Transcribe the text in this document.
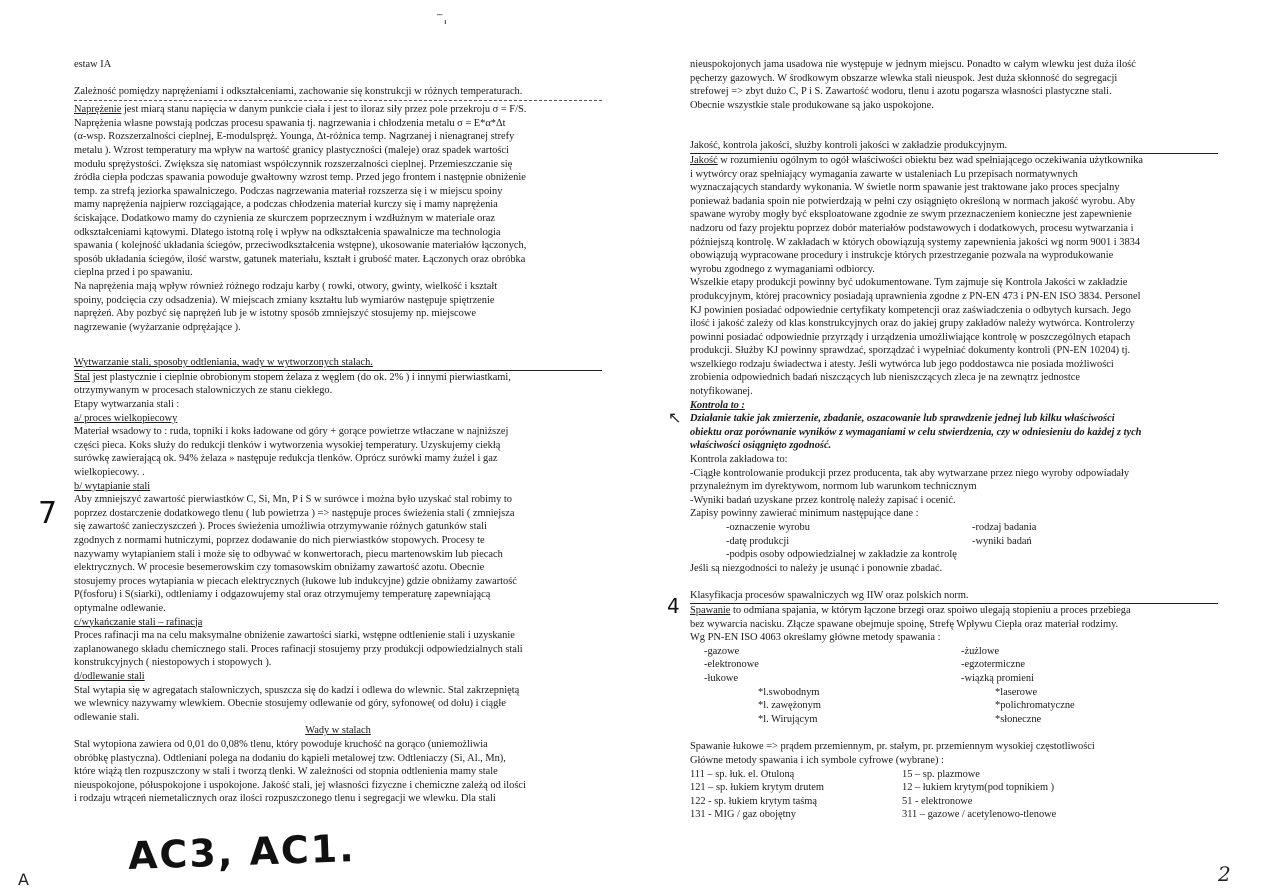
estaw IA

Zależność pomiędzy naprężeniami i odkształceniami, zachowanie się konstrukcji w różnych temperaturach.

Naprężenie jest miarą stanu napięcia w danym punkcie ciała i jest to iloraz siły przez pole przekroju σ = F/S.

Naprężenia własne powstają podczas procesu spawania tj. nagrzewania i chłodzenia metalu σ = E*α*Δt

(α-wsp. Rozszerzalności cieplnej, E-modulspręż. Younga, Δt-różnica temp. Nagrzanej i nienagranej strefy

metalu ). Wzrost temperatury ma wpływ na wartość granicy plastyczności (maleje) oraz spadek wartości

modułu sprężystości. Zwiększa się natomiast współczynnik rozszerzalności cieplnej. Przemieszczanie się

źródła ciepła podczas spawania powoduje gwałtowny wzrost temp. Przed jego frontem i następnie obniżenie

temp. za strefą jeziorka spawalniczego. Podczas nagrzewania materiał rozszerza się i w miejscu spoiny

mamy naprężenia najpierw rozciągające, a podczas chłodzenia materiał kurczy się i mamy naprężenia

ściskające. Dodatkowo mamy do czynienia ze skurczem poprzecznym i wzdłużnym w materiale oraz

odkształceniami kątowymi. Dlatego istotną rolę i wpływ na odkształcenia spawalnicze ma technologia

spawania ( kolejność układania ściegów, przeciwodkształcenia wstępne), ukosowanie materiałów łączonych,

sposób układania ściegów, ilość warstw, gatunek materiału, kształt i grubość mater. Łączonych oraz obróbka

cieplna przed i po spawaniu.

Na naprężenia mają wpływ również różnego rodzaju karby ( rowki, otwory, gwinty, wielkość i kształt

spoiny, podcięcia czy odsadzenia). W miejscach zmiany kształtu lub wymiarów następuje spiętrzenie

naprężeń. Aby pozbyć się naprężeń lub je w istotny sposób zmniejszyć stosujemy np. miejscowe

nagrzewanie (wyżarzanie odprężające ).

Wytwarzanie stali, sposoby odtleniania, wady w wytworzonych stalach.

Stal jest plastycznie i cieplnie obrobionym stopem żelaza z węglem (do ok. 2% ) i innymi pierwiastkami,

otrzymywanym w procesach stalowniczych ze stanu ciekłego.

Etapy wytwarzania stali :

a/ proces wielkopiecowy

Materiał wsadowy to : ruda, topniki i koks ładowane od góry + gorące powietrze wtłaczane w najniższej

części pieca. Koks służy do redukcji tlenków i wytworzenia wysokiej temperatury. Uzyskujemy ciekłą

surówkę zawierającą ok. 94% żelaza » następuje redukcja tlenków. Oprócz surówki mamy żużel i gaz

wielkopiecowy. .

b/ wytapianie stali

Aby zmniejszyć zawartość pierwiastków C, Si, Mn, P i S w surówce i można było uzyskać stal robimy to

poprzez dostarczenie dodatkowego tlenu ( lub powietrza ) => następuje proces świeżenia stali ( zmniejsza

się zawartość zanieczyszczeń ). Proces świeżenia umożliwia otrzymywanie różnych gatunków stali

zgodnych z normami hutniczymi, poprzez dodawanie do nich pierwiastków stopowych. Procesy te

nazywamy wytapianiem stali i może się to odbywać w konwertorach, piecu martenowskim lub piecach

elektrycznych. W procesie besemerowskim czy tomasowskim obniżamy zawartość azotu. Obecnie

stosujemy proces wytapiania w piecach elektrycznych (łukowe lub indukcyjne) gdzie obniżamy zawartość

P(fosforu) i S(siarki), odtleniamy i odgazowujemy stal oraz otrzymujemy temperaturę zapewniającą

optymalne odlewanie.

c/wykańczanie stali – rafinacja

Proces rafinacji ma na celu maksymalne obniżenie zawartości siarki, wstępne odtlenienie stali i uzyskanie

zaplanowanego składu chemicznego stali. Proces rafinacji stosujemy przy produkcji odpowiedzialnych stali

konstrukcyjnych ( niestopowych i stopowych ).

d/odlewanie stali

Stal wytapia się w agregatach stalowniczych, spuszcza się do kadzi i odlewa do wlewnic. Stal zakrzepniętą

we wlewnicy nazywamy wlewkiem. Obecnie stosujemy odlewanie od góry, syfonowe( od dołu) i ciągłe

odlewanie stali.

Wady w stalach

Stal wytopiona zawiera od 0,01 do 0,08% tlenu, który powoduje kruchość na gorąco (uniemożliwia

obróbkę plastyczna). Odtleniani polega na dodaniu do kąpieli metalowej tzw. Odtleniaczy (Si, Al., Mn),

które wiążą tlen rozpuszczony w stali i tworzą tlenki. W zależności od stopnia odtlenienia mamy stale

nieuspokojone, półuspokojone i uspokojone. Jakość stali, jej własności fizyczne i chemiczne zależą od ilości

i rodzaju wtrąceń niemetalicznych oraz ilości rozpuszczonego tlenu i segregacji we wlewku. Dla stali

nieuspokojonych jama usadowa nie występuje w jednym miejscu. Ponadto w całym wlewku jest duża ilość

pęcherzy gazowych. W środkowym obszarze wlewka stali nieuspok. Jest duża skłonność do segregacji

strefowej => zbyt dużo C, P i S. Zawartość wodoru, tlenu i azotu pogarsza własności plastyczne stali.

Obecnie wszystkie stale produkowane są jako uspokojone.

Jakość, kontrola jakości, służby kontroli jakości w zakładzie produkcyjnym.

Jakość w rozumieniu ogólnym to ogół właściwości obiektu bez wad spełniającego oczekiwania użytkownika

i wytwórcy oraz spełniający wymagania zawarte w ustaleniach Lu przepisach normatywnych

wyznaczających standardy wykonania. W świetle norm spawanie jest traktowane jako proces specjalny

ponieważ badania spoin nie potwierdzają w pełni czy osiągnięto określoną w normach jakość wyrobu. Aby

spawane wyroby mogły być eksploatowane zgodnie ze swym przeznaczeniem konieczne jest zapewnienie

nadzoru od fazy projektu poprzez dobór materiałów podstawowych i dodatkowych, procesu wytwarzania i

późniejszą kontrolę. W zakładach w których obowiązują systemy zapewnienia jakości wg norm 9001 i 3834

obowiązują wypracowane procedury i instrukcje których przestrzeganie pozwala na wyprodukowanie

wyrobu zgodnego z wymaganiami odbiorcy.

Wszelkie etapy produkcji powinny być udokumentowane. Tym zajmuje się Kontrola Jakości w zakładzie

produkcyjnym, której pracownicy posiadają uprawnienia zgodne z PN-EN 473 i PN-EN ISO 3834. Personel

KJ powinien posiadać odpowiednie certyfikaty kompetencji oraz zaświadczenia o odbytych kursach. Jego

ilość i jakość zależy od klas konstrukcyjnych oraz do jakiej grupy zakładów należy wytwórca. Kontrolerzy

powinni posiadać odpowiednie przyrządy i urządzenia umożliwiające kontrolę w poszczególnych etapach

produkcji. Służby KJ powinny sprawdzać, sporządzać i wypełniać dokumenty kontroli (PN-EN 10204) tj.

wszelkiego rodzaju świadectwa i atesty. Jeśli wytwórca lub jego poddostawca nie posiada możliwości

zrobienia odpowiednich badań niszczących lub nieniszczących zleca je na zewnątrz jednostce

notyfikowanej.

Kontrola to :

Działanie takie jak zmierzenie, zbadanie, oszacowanie lub sprawdzenie jednej lub kilku właściwości

obiektu oraz porównanie wyników z wymaganiami w celu stwierdzenia, czy w odniesieniu do każdej z tych

właściwości osiągnięto zgodność.

Kontrola zakładowa to:

-Ciągłe kontrolowanie produkcji przez producenta, tak aby wytwarzane przez niego wyroby odpowiadały

przynależnym im dyrektywom, normom lub warunkom technicznym

-Wyniki badań uzyskane przez kontrolę należy zapisać i ocenić.

Zapisy powinny zawierać minimum następujące dane :

-oznaczenie wyrobu

-datę produkcji

-podpis osoby odpowiedzialnej w zakładzie za kontrolę

-rodzaj badania

-wyniki badań

Jeśli są niezgodności to należy je usunąć i ponownie zbadać.

Klasyfikacja procesów spawalniczych wg IIW oraz polskich norm.

Spawanie to odmiana spajania, w którym łączone brzegi oraz spoiwo ulegają stopieniu a proces przebiega

bez wywarcia nacisku. Złącze spawane obejmuje spoinę, Strefę Wpływu Ciepła oraz materiał rodzimy.

Wg PN-EN ISO 4063 określamy główne metody spawania :

-gazowe

-elektronowe

-łukowe

*l.swobodnym

*l. zawężonym

*l. Wirującym

-żużlowe

-egzotermiczne

-wiązką promieni

*laserowe

*polichromatyczne

*słoneczne

Spawanie łukowe => prądem przemiennym, pr. stałym, pr. przemiennym wysokiej częstotliwości

Główne metody spawania i ich symbole cyfrowe (wybrane) :

111 – sp. łuk. el. Otuloną

121 – sp. łukiem krytym drutem

122 - sp. łukiem krytym taśmą

131 - MIG / gaz obojętny

15 – sp. plazmowe

12 – łukiem krytym(pod topnikiem )

51 - elektronowe

311 – gazowe / acetylenowo-tlenowe

⁻ˌ
7
4
↖
AC3, AC1.	2
A
